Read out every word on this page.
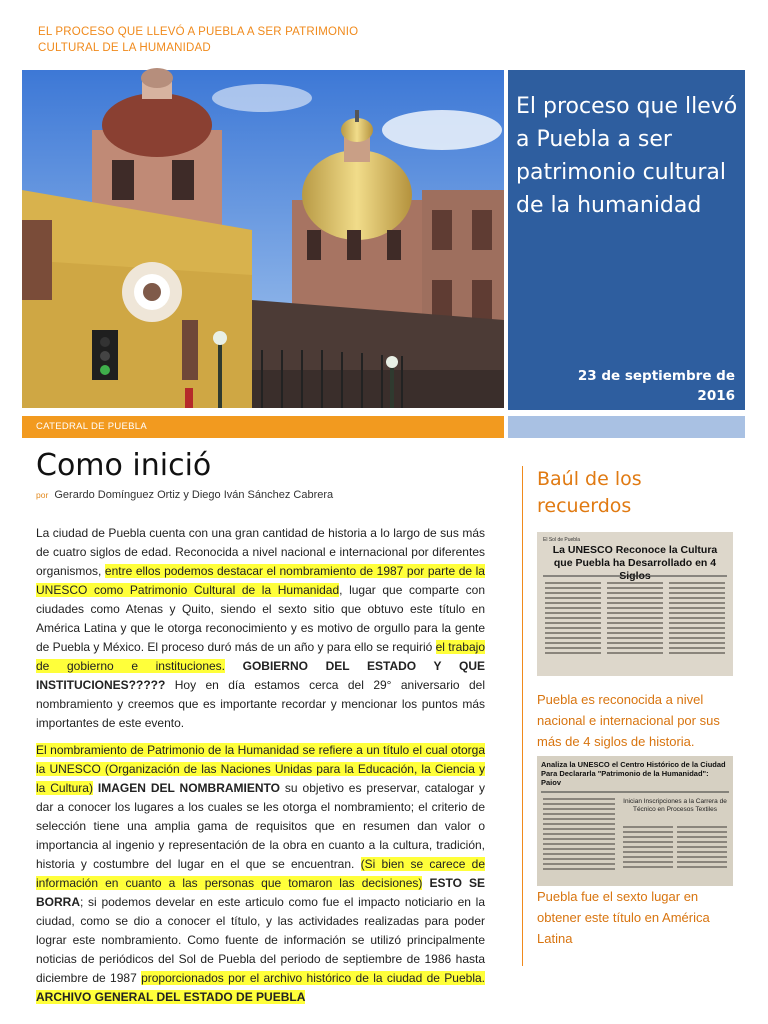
EL PROCESO QUE LLEVÓ A PUEBLA A SER PATRIMONIO
CULTURAL DE LA HUMANIDAD
El proceso que llevó a Puebla a ser patrimonio cultural de la humanidad
23 de septiembre de
2016
CATEDRAL DE PUEBLA
Como inició
por Gerardo Domínguez Ortiz y Diego Iván Sánchez Cabrera

La ciudad de Puebla cuenta con una gran cantidad de historia a lo largo de sus más de cuatro siglos de edad. Reconocida a nivel nacional e internacional por diferentes organismos, entre ellos podemos destacar el nombramiento de 1987 por parte de la UNESCO como Patrimonio Cultural de la Humanidad, lugar que comparte con ciudades como Atenas y Quito, siendo el sexto sitio que obtuvo este título en América Latina y que le otorga reconocimiento y es motivo de orgullo para la gente de Puebla y México. El proceso duró más de un año y para ello se requirió el trabajo de gobierno e instituciones. GOBIERNO DEL ESTADO Y QUE INSTITUCIONES????? Hoy en día estamos cerca del 29° aniversario del nombramiento y creemos que es importante recordar y mencionar los puntos más importantes de este evento.

El nombramiento de Patrimonio de la Humanidad se refiere a un título el cual otorga la UNESCO (Organización de las Naciones Unidas para la Educación, la Ciencia y la Cultura) IMAGEN DEL NOMBRAMIENTO su objetivo es preservar, catalogar y dar a conocer los lugares a los cuales se les otorga el nombramiento; el criterio de selección tiene una amplia gama de requisitos que en resumen dan valor o importancia al ingenio y representación de la obra en cuanto a la cultura, tradición, historia y costumbre del lugar en el que se encuentran. (Si bien se carece de información en cuanto a las personas que tomaron las decisiones) ESTO SE BORRA; si podemos develar en este articulo como fue el impacto noticiario en la ciudad, como se dio a conocer el título, y las actividades realizadas para poder lograr este nombramiento. Como fuente de información se utilizó principalmente noticias de periódicos del Sol de Puebla del periodo de septiembre de 1986 hasta diciembre de 1987 proporcionados por el archivo histórico de la ciudad de Puebla. ARCHIVO GENERAL DEL ESTADO DE PUEBLA

Baúl de los recuerdos
El Sol de Puebla
La UNESCO Reconoce la Cultura que Puebla ha Desarrollado en 4 Siglos
Puebla es reconocida a nivel nacional e internacional por sus más de 4 siglos de historia.
Analiza la UNESCO el Centro Histórico de la Ciudad Para Declararla "Patrimonio de la Humanidad": Paiov
Inician Inscripciones a la Carrera de Técnico en Procesos Textiles
Puebla fue el sexto lugar en obtener este título en América Latina
